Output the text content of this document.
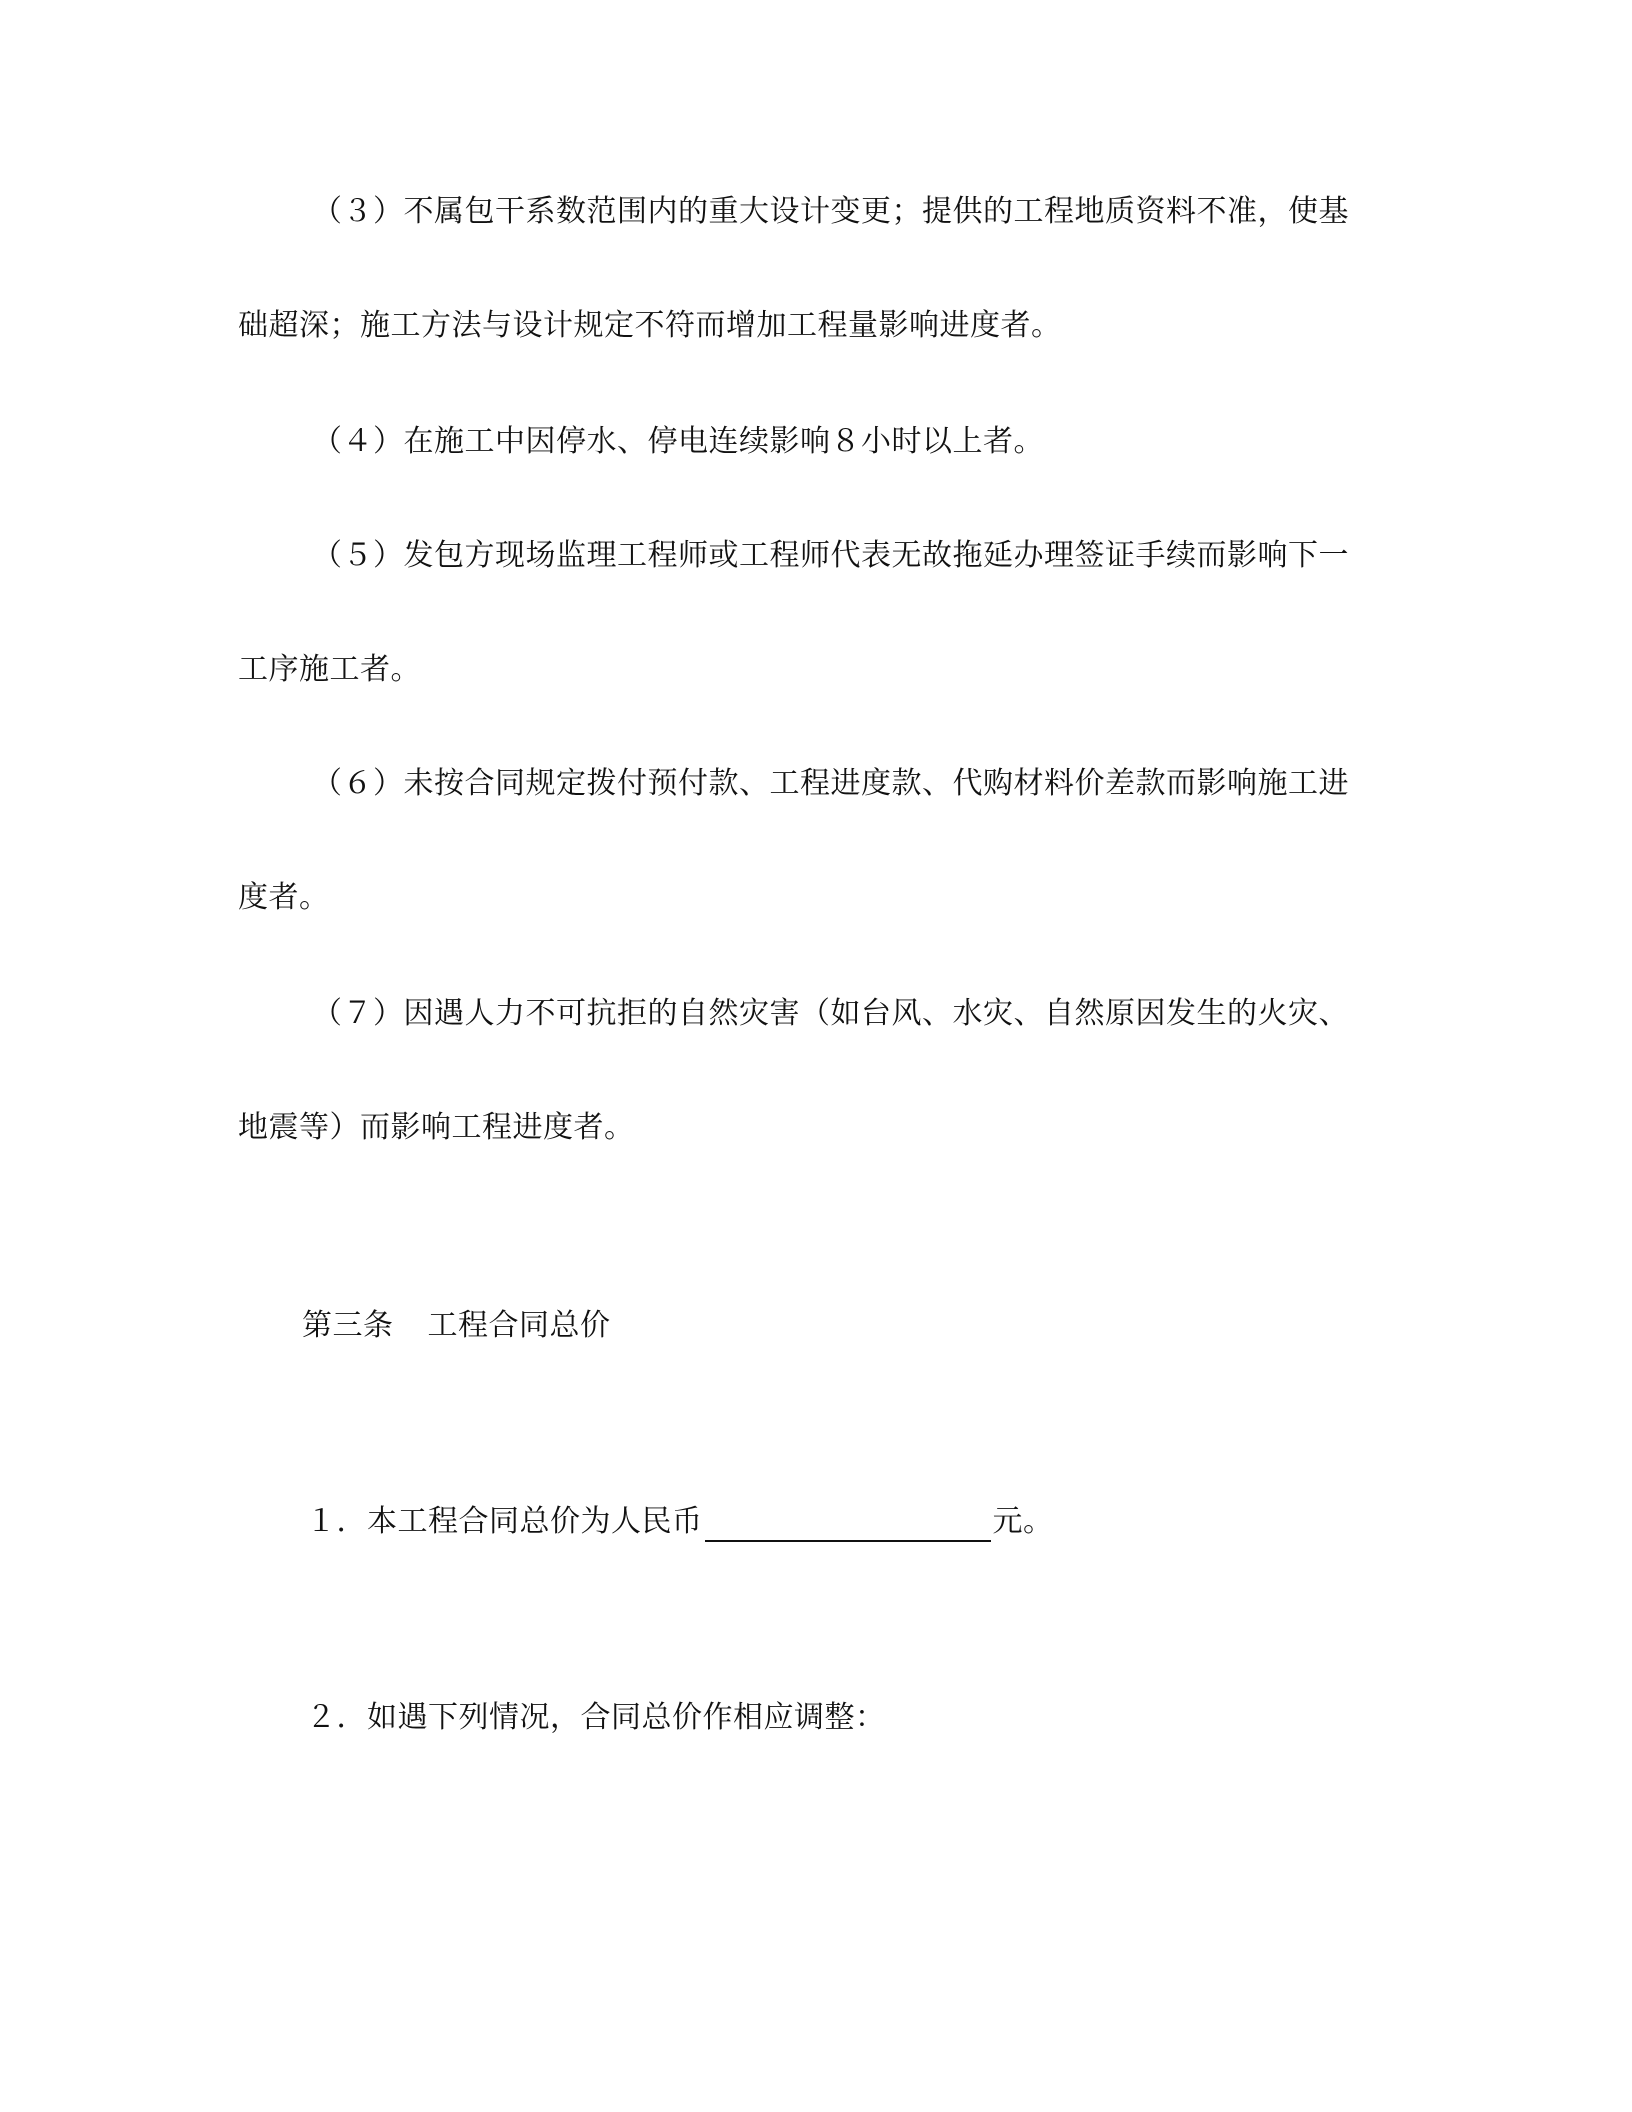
（３）不属包干系数范围内的重大设计变更；提供的工程地质资料不准，使基
础超深；施工方法与设计规定不符而增加工程量影响进度者。
（４）在施工中因停水、停电连续影响８小时以上者。
（５）发包方现场监理工程师或工程师代表无故拖延办理签证手续而影响下一
工序施工者。
（６）未按合同规定拨付预付款、工程进度款、代购材料价差款而影响施工进
度者。
（７）因遇人力不可抗拒的自然灾害（如台风、水灾、自然原因发生的火灾、
地震等）而影响工程进度者。
第三条 工程合同总价
１．本工程合同总价为人民币	元。
２．如遇下列情况，合同总价作相应调整：
